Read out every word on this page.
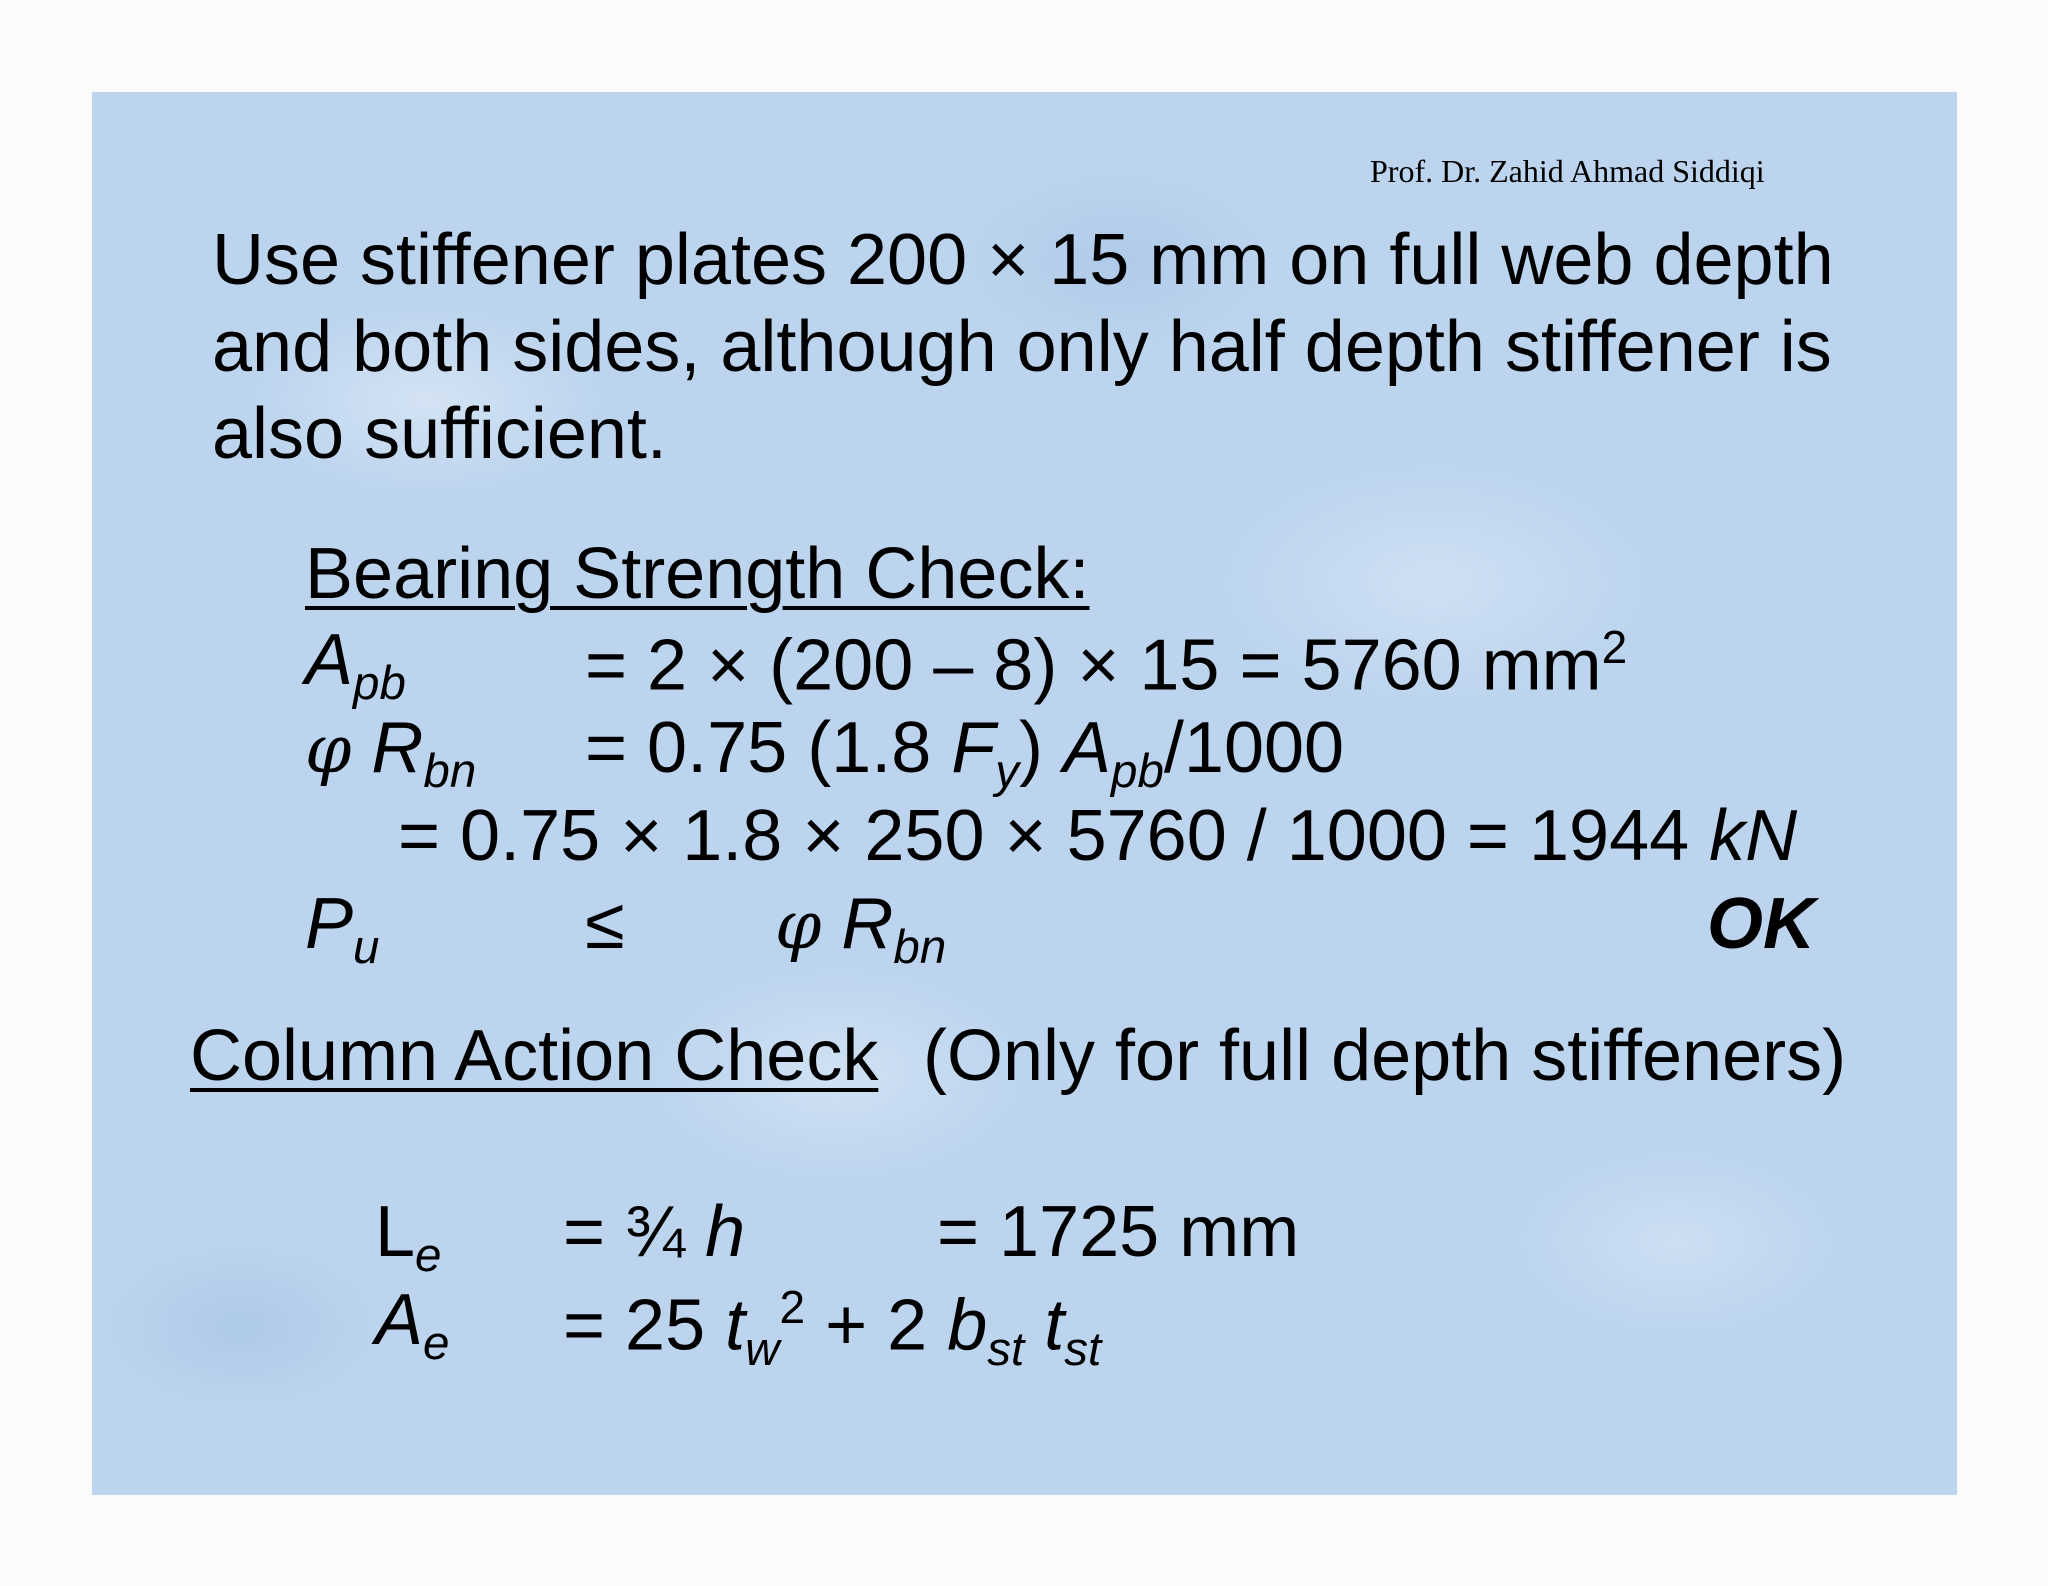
Prof. Dr. Zahid Ahmad Siddiqi
Use stiffener plates 200 × 15 mm on full web depth
and both sides, although only half depth stiffener is
also sufficient.
Bearing Strength Check:
$A_{pb} = 2 \times (200 - 8) \times 15 = 5760$ $mm^2$
φ $R_{bn} = 0.75$ (1.8 $F_y$) $A_{pb}/1000$
= 0.75 × 1.8 × 250 × 5760 / 1000 = 1944 kN
$P_u$	≤ φ $R_{bn}$	OK
Column Action Check (Only for full depth stiffeners)
$L_e$ = ¾ h	= 1725 mm
$A_e = 25$ $t_w^2 + 2$ $b_{st}$ $t_{st}$
